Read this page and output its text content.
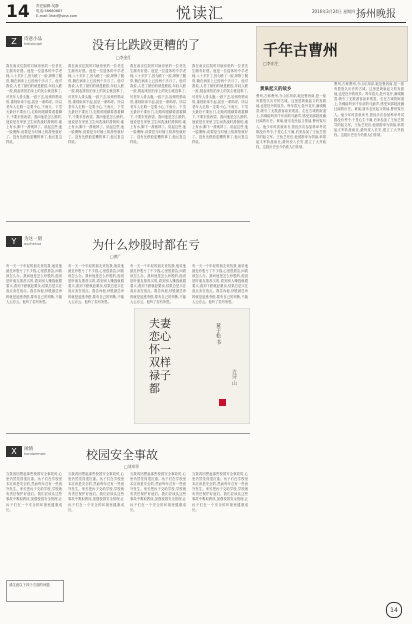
14 责任编辑:吴静
电话:58680687
E-mail:3hdd@sina.com	悦读汇	2016年3月24日 星期四 扬州晚报
Z	诗意小品
hellolouph	没有比跌跤更糟的了
□李金灯
我在南京住院时对病房里的一位老先生颇有好感。他是一位退休的中学老师,八十多岁了,因为跌了一跤,摔断了腿骨,躺在病床上已经两个多月了。他对我说,人老了最怕的就是跌跤,年轻人跌一跤,爬起来拍拍身上的灰尘就没事了,可老年人骨头脆,一跤下去,轻则伤筋动骨,重则卧床不起,甚至一命呜呼。所以老年人走路一定要小心,下雨天、下雪天最好不要出门,走路时眼睛要看着脚下,不要东张西望。我问他是怎么跌的,他说是在家里卫生间洗澡时滑倒的,地上有水,脚下一滑就摔了。说起这些,他一脸懊悔,说要是当时铺上防滑垫就好了。没有比跌跤更糟的事了,他反复这样说。
我在南京住院时对病房里的一位老先生颇有好感。他是一位退休的中学老师,八十多岁了,因为跌了一跤,摔断了腿骨,躺在病床上已经两个多月了。他对我说,人老了最怕的就是跌跤,年轻人跌一跤,爬起来拍拍身上的灰尘就没事了,可老年人骨头脆,一跤下去,轻则伤筋动骨,重则卧床不起,甚至一命呜呼。所以老年人走路一定要小心,下雨天、下雪天最好不要出门,走路时眼睛要看着脚下,不要东张西望。我问他是怎么跌的,他说是在家里卫生间洗澡时滑倒的,地上有水,脚下一滑就摔了。说起这些,他一脸懊悔,说要是当时铺上防滑垫就好了。没有比跌跤更糟的事了,他反复这样说。
我在南京住院时对病房里的一位老先生颇有好感。他是一位退休的中学老师,八十多岁了,因为跌了一跤,摔断了腿骨,躺在病床上已经两个多月了。他对我说,人老了最怕的就是跌跤,年轻人跌一跤,爬起来拍拍身上的灰尘就没事了,可老年人骨头脆,一跤下去,轻则伤筋动骨,重则卧床不起,甚至一命呜呼。所以老年人走路一定要小心,下雨天、下雪天最好不要出门,走路时眼睛要看着脚下,不要东张西望。我问他是怎么跌的,他说是在家里卫生间洗澡时滑倒的,地上有水,脚下一滑就摔了。说起这些,他一脸懊悔,说要是当时铺上防滑垫就好了。没有比跌跤更糟的事了,他反复这样说。
我在南京住院时对病房里的一位老先生颇有好感。他是一位退休的中学老师,八十多岁了,因为跌了一跤,摔断了腿骨,躺在病床上已经两个多月了。他对我说,人老了最怕的就是跌跤,年轻人跌一跤,爬起来拍拍身上的灰尘就没事了,可老年人骨头脆,一跤下去,轻则伤筋动骨,重则卧床不起,甚至一命呜呼。所以老年人走路一定要小心,下雨天、下雪天最好不要出门,走路时眼睛要看着脚下,不要东张西望。我问他是怎么跌的,他说是在家里卫生间洗澡时滑倒的,地上有水,脚下一滑就摔了。说起这些,他一脸懊悔,说要是当时铺上防滑垫就好了。没有比跌跤更糟的事了,他反复这样说。
Y	为这一刻
ouchehua	为什么炒股时都在亏
□黄广
有一天一个年轻的朋友来找我,他说他最近炒股亏了不少钱,心里很着急,问我该怎么办。我问他是怎么炒股的,他说是听朋友推荐买的,看到别人赚钱就跟着买,看到下跌就赶紧卖,结果总是买在高点卖在低点。我告诉他,炒股最忌讳的就是追涨杀跌,要有自己的判断,不能人云亦云。他听了若有所思。
有一天一个年轻的朋友来找我,他说他最近炒股亏了不少钱,心里很着急,问我该怎么办。我问他是怎么炒股的,他说是听朋友推荐买的,看到别人赚钱就跟着买,看到下跌就赶紧卖,结果总是买在高点卖在低点。我告诉他,炒股最忌讳的就是追涨杀跌,要有自己的判断,不能人云亦云。他听了若有所思。
有一天一个年轻的朋友来找我,他说他最近炒股亏了不少钱,心里很着急,问我该怎么办。我问他是怎么炒股的,他说是听朋友推荐买的,看到别人赚钱就跟着买,看到下跌就赶紧卖,结果总是买在高点卖在低点。我告诉他,炒股最忌讳的就是追涨杀跌,要有自己的判断,不能人云亦云。他听了若有所思。
有一天一个年轻的朋友来找我,他说他最近炒股亏了不少钱,心里很着急,问我该怎么办。我问他是怎么炒股的,他说是听朋友推荐买的,看到别人赚钱就跟着买,看到下跌就赶紧卖,结果总是买在高点卖在低点。我告诉他,炒股最忌讳的就是追涨杀跌,要有自己的判断,不能人云亦云。他听了若有所思。
夫妻
恋心
怀一
双样
禄子
都
黄于松 书
古诗 山
X	闲情
hondohmwe	校园安全事故
□刘卓翠
当我再回想起那些校园安全事故时,心里仍然觉得很沉重。孩子们在学校里本应该是安全的,然而每年总有一些意外发生。家长把孩子交给学校,学校就有责任保护好他们。我们应该从这些事故中吸取教训,加强校园安全管理,让孩子们在一个安全的环境里健康成长。
请注意以下四个方面的问题
当我再回想起那些校园安全事故时,心里仍然觉得很沉重。孩子们在学校里本应该是安全的,然而每年总有一些意外发生。家长把孩子交给学校,学校就有责任保护好他们。我们应该从这些事故中吸取教训,加强校园安全管理,让孩子们在一个安全的环境里健康成长。
当我再回想起那些校园安全事故时,心里仍然觉得很沉重。孩子们在学校里本应该是安全的,然而每年总有一些意外发生。家长把孩子交给学校,学校就有责任保护好他们。我们应该从这些事故中吸取教训,加强校园安全管理,让孩子们在一个安全的环境里健康成长。
当我再回想起那些校园安全事故时,心里仍然觉得很沉重。孩子们在学校里本应该是安全的,然而每年总有一些意外发生。家长把孩子交给学校,学校就有责任保护好他们。我们应该从这些事故中吸取教训,加强校园安全管理,让孩子们在一个安全的环境里健康成长。
千年古曹州
□李东生
黄巢起义的故乡
曹州,古称曹州,今山东菏泽,地处鲁西南,是一座有着悠久历史的古城。这里是黄巢起义的发源地,也是牡丹的故乡。每年春天,牡丹花开,满城飘香,吸引了无数游客前来观赏。走在古城的街道上,仿佛能听到千年前的马蹄声,感受到那段波澜壮阔的历史。黄巢,唐末农民起义领袖,曹州冤句人。他少年时喜欢读书,曾经多次参加科举考试都没有考中,于是心生不满,后来参加了王仙芝领导的起义军。王仙芝死后,他被推举为领袖,率领起义军转战南北,最终攻入长安,建立了大齐政权。这段历史至今仍被人们传颂。
曹州,古称曹州,今山东菏泽,地处鲁西南,是一座有着悠久历史的古城。这里是黄巢起义的发源地,也是牡丹的故乡。每年春天,牡丹花开,满城飘香,吸引了无数游客前来观赏。走在古城的街道上,仿佛能听到千年前的马蹄声,感受到那段波澜壮阔的历史。黄巢,唐末农民起义领袖,曹州冤句人。他少年时喜欢读书,曾经多次参加科举考试都没有考中,于是心生不满,后来参加了王仙芝领导的起义军。王仙芝死后,他被推举为领袖,率领起义军转战南北,最终攻入长安,建立了大齐政权。这段历史至今仍被人们传颂。
14
